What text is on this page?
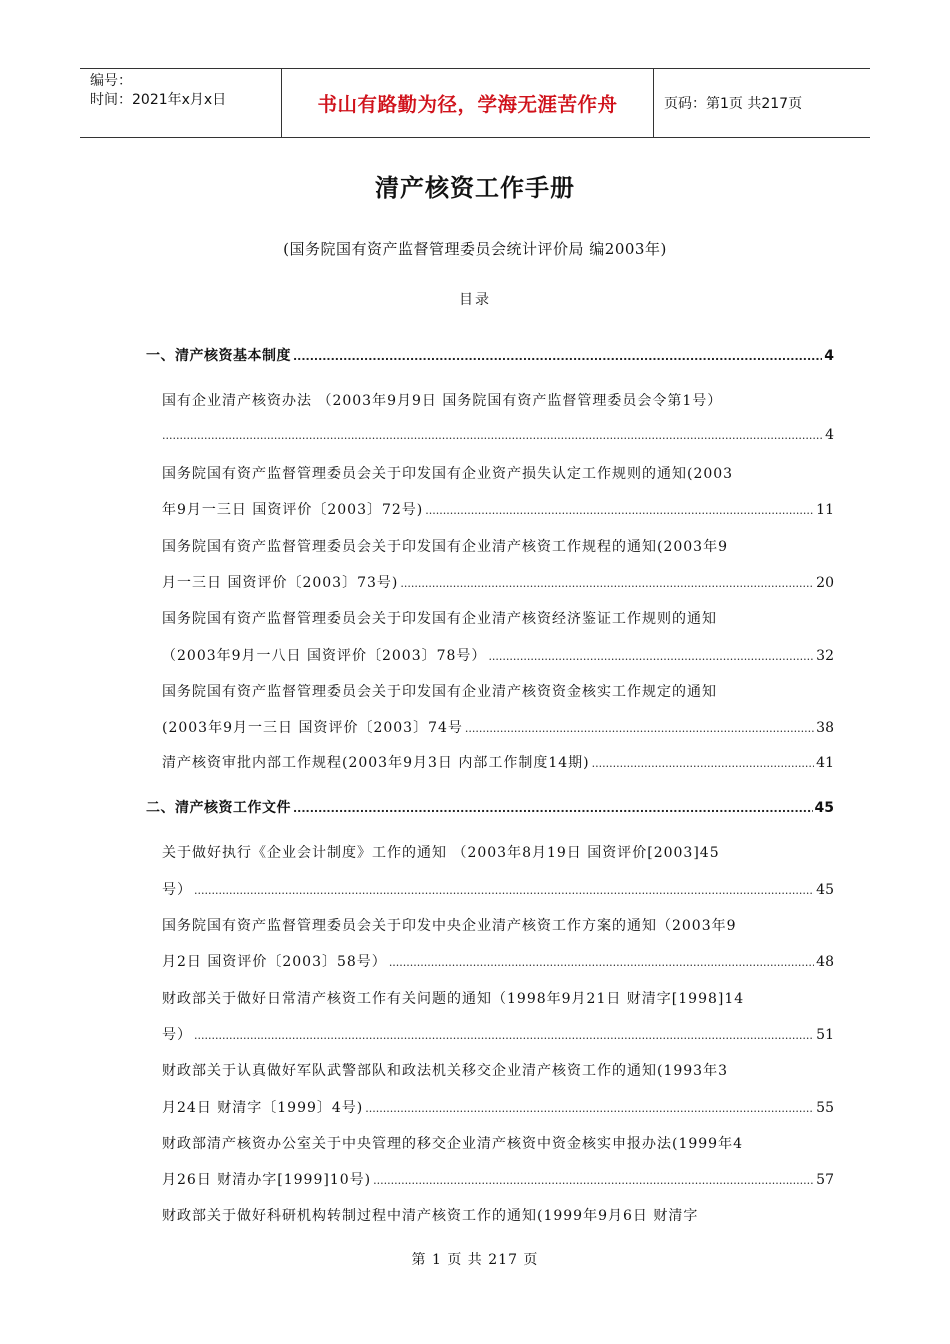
编号：
时间：2021年x月x日	书山有路勤为径，学海无涯苦作舟	页码：第1页 共217页
清产核资工作手册
(国务院国有资产监督管理委员会统计评价局 编2003年)
目录
一、清产核资基本制度 .....	4
国有企业清产核资办法 （2003年9月9日 国务院国有资产监督管理委员会令第1号）
.....
4
国务院国有资产监督管理委员会关于印发国有企业资产损失认定工作规则的通知(2003
年9月一三日 国资评价〔2003〕72号) .....	11
国务院国有资产监督管理委员会关于印发国有企业清产核资工作规程的通知(2003年9
月一三日 国资评价〔2003〕73号) .....	20
国务院国有资产监督管理委员会关于印发国有企业清产核资经济鉴证工作规则的通知
（2003年9月一八日 国资评价〔2003〕78号） .....	32
国务院国有资产监督管理委员会关于印发国有企业清产核资资金核实工作规定的通知
(2003年9月一三日 国资评价〔2003〕74号 .....	38
清产核资审批内部工作规程(2003年9月3日 内部工作制度14期) .....	41
二、清产核资工作文件 .....	45
关于做好执行《企业会计制度》工作的通知 （2003年8月19日 国资评价[2003]45
号） .....	45
国务院国有资产监督管理委员会关于印发中央企业清产核资工作方案的通知（2003年9
月2日 国资评价〔2003〕58号） .....	48
财政部关于做好日常清产核资工作有关问题的通知（1998年9月21日 财清字[1998]14
号） .....	51
财政部关于认真做好军队武警部队和政法机关移交企业清产核资工作的通知(1993年3
月24日 财清字〔1999〕4号) .....	55
财政部清产核资办公室关于中央管理的移交企业清产核资中资金核实申报办法(1999年4
月26日 财清办字[1999]10号) .....	57
财政部关于做好科研机构转制过程中清产核资工作的通知(1999年9月6日 财清字
第 1 页 共 217 页
